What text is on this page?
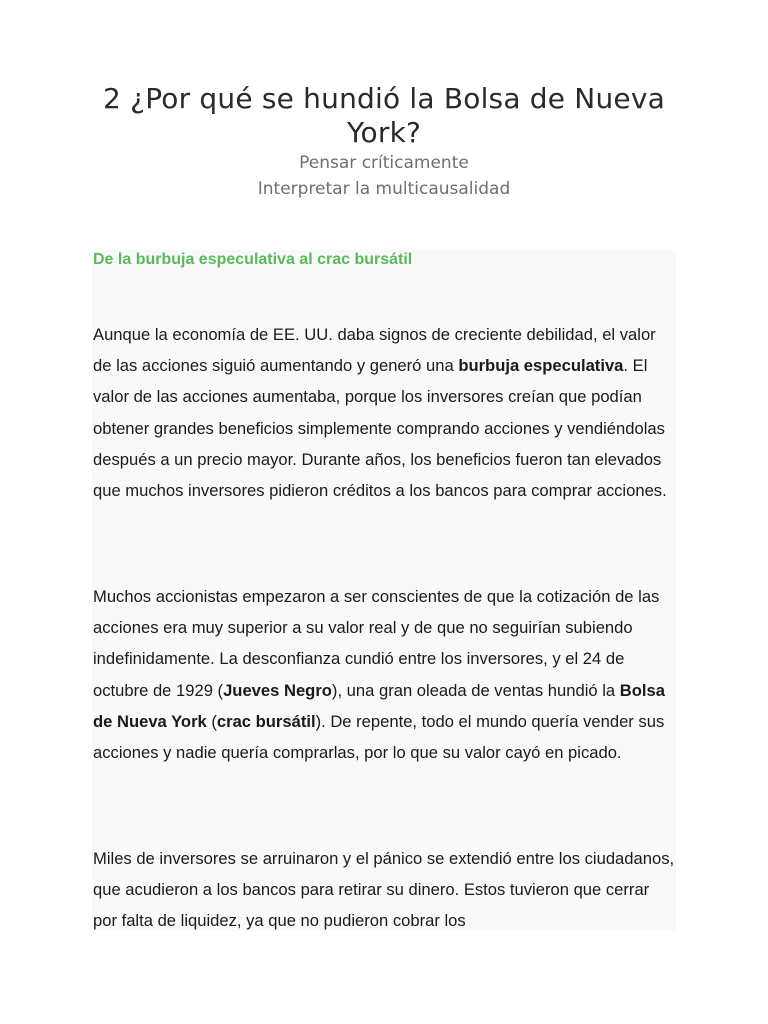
2 ¿Por qué se hundió la Bolsa de Nueva York?

Pensar críticamente

Interpretar la multicausalidad

De la burbuja especulativa al crac bursátil

Aunque la economía de EE. UU. daba signos de creciente debilidad, el valor de las acciones siguió aumentando y generó una burbuja especulativa. El valor de las acciones aumentaba, porque los inversores creían que podían obtener grandes beneficios simplemente comprando acciones y vendiéndolas después a un precio mayor. Durante años, los beneficios fueron tan elevados que muchos inversores pidieron créditos a los bancos para comprar acciones.

Muchos accionistas empezaron a ser conscientes de que la cotización de las acciones era muy superior a su valor real y de que no seguirían subiendo indefinidamente. La desconfianza cundió entre los inversores, y el 24 de octubre de 1929 (Jueves Negro), una gran oleada de ventas hundió la Bolsa de Nueva York (crac bursátil). De repente, todo el mundo quería vender sus acciones y nadie quería comprarlas, por lo que su valor cayó en picado.

Miles de inversores se arruinaron y el pánico se extendió entre los ciudadanos, que acudieron a los bancos para retirar su dinero. Estos tuvieron que cerrar por falta de liquidez, ya que no pudieron cobrar los
